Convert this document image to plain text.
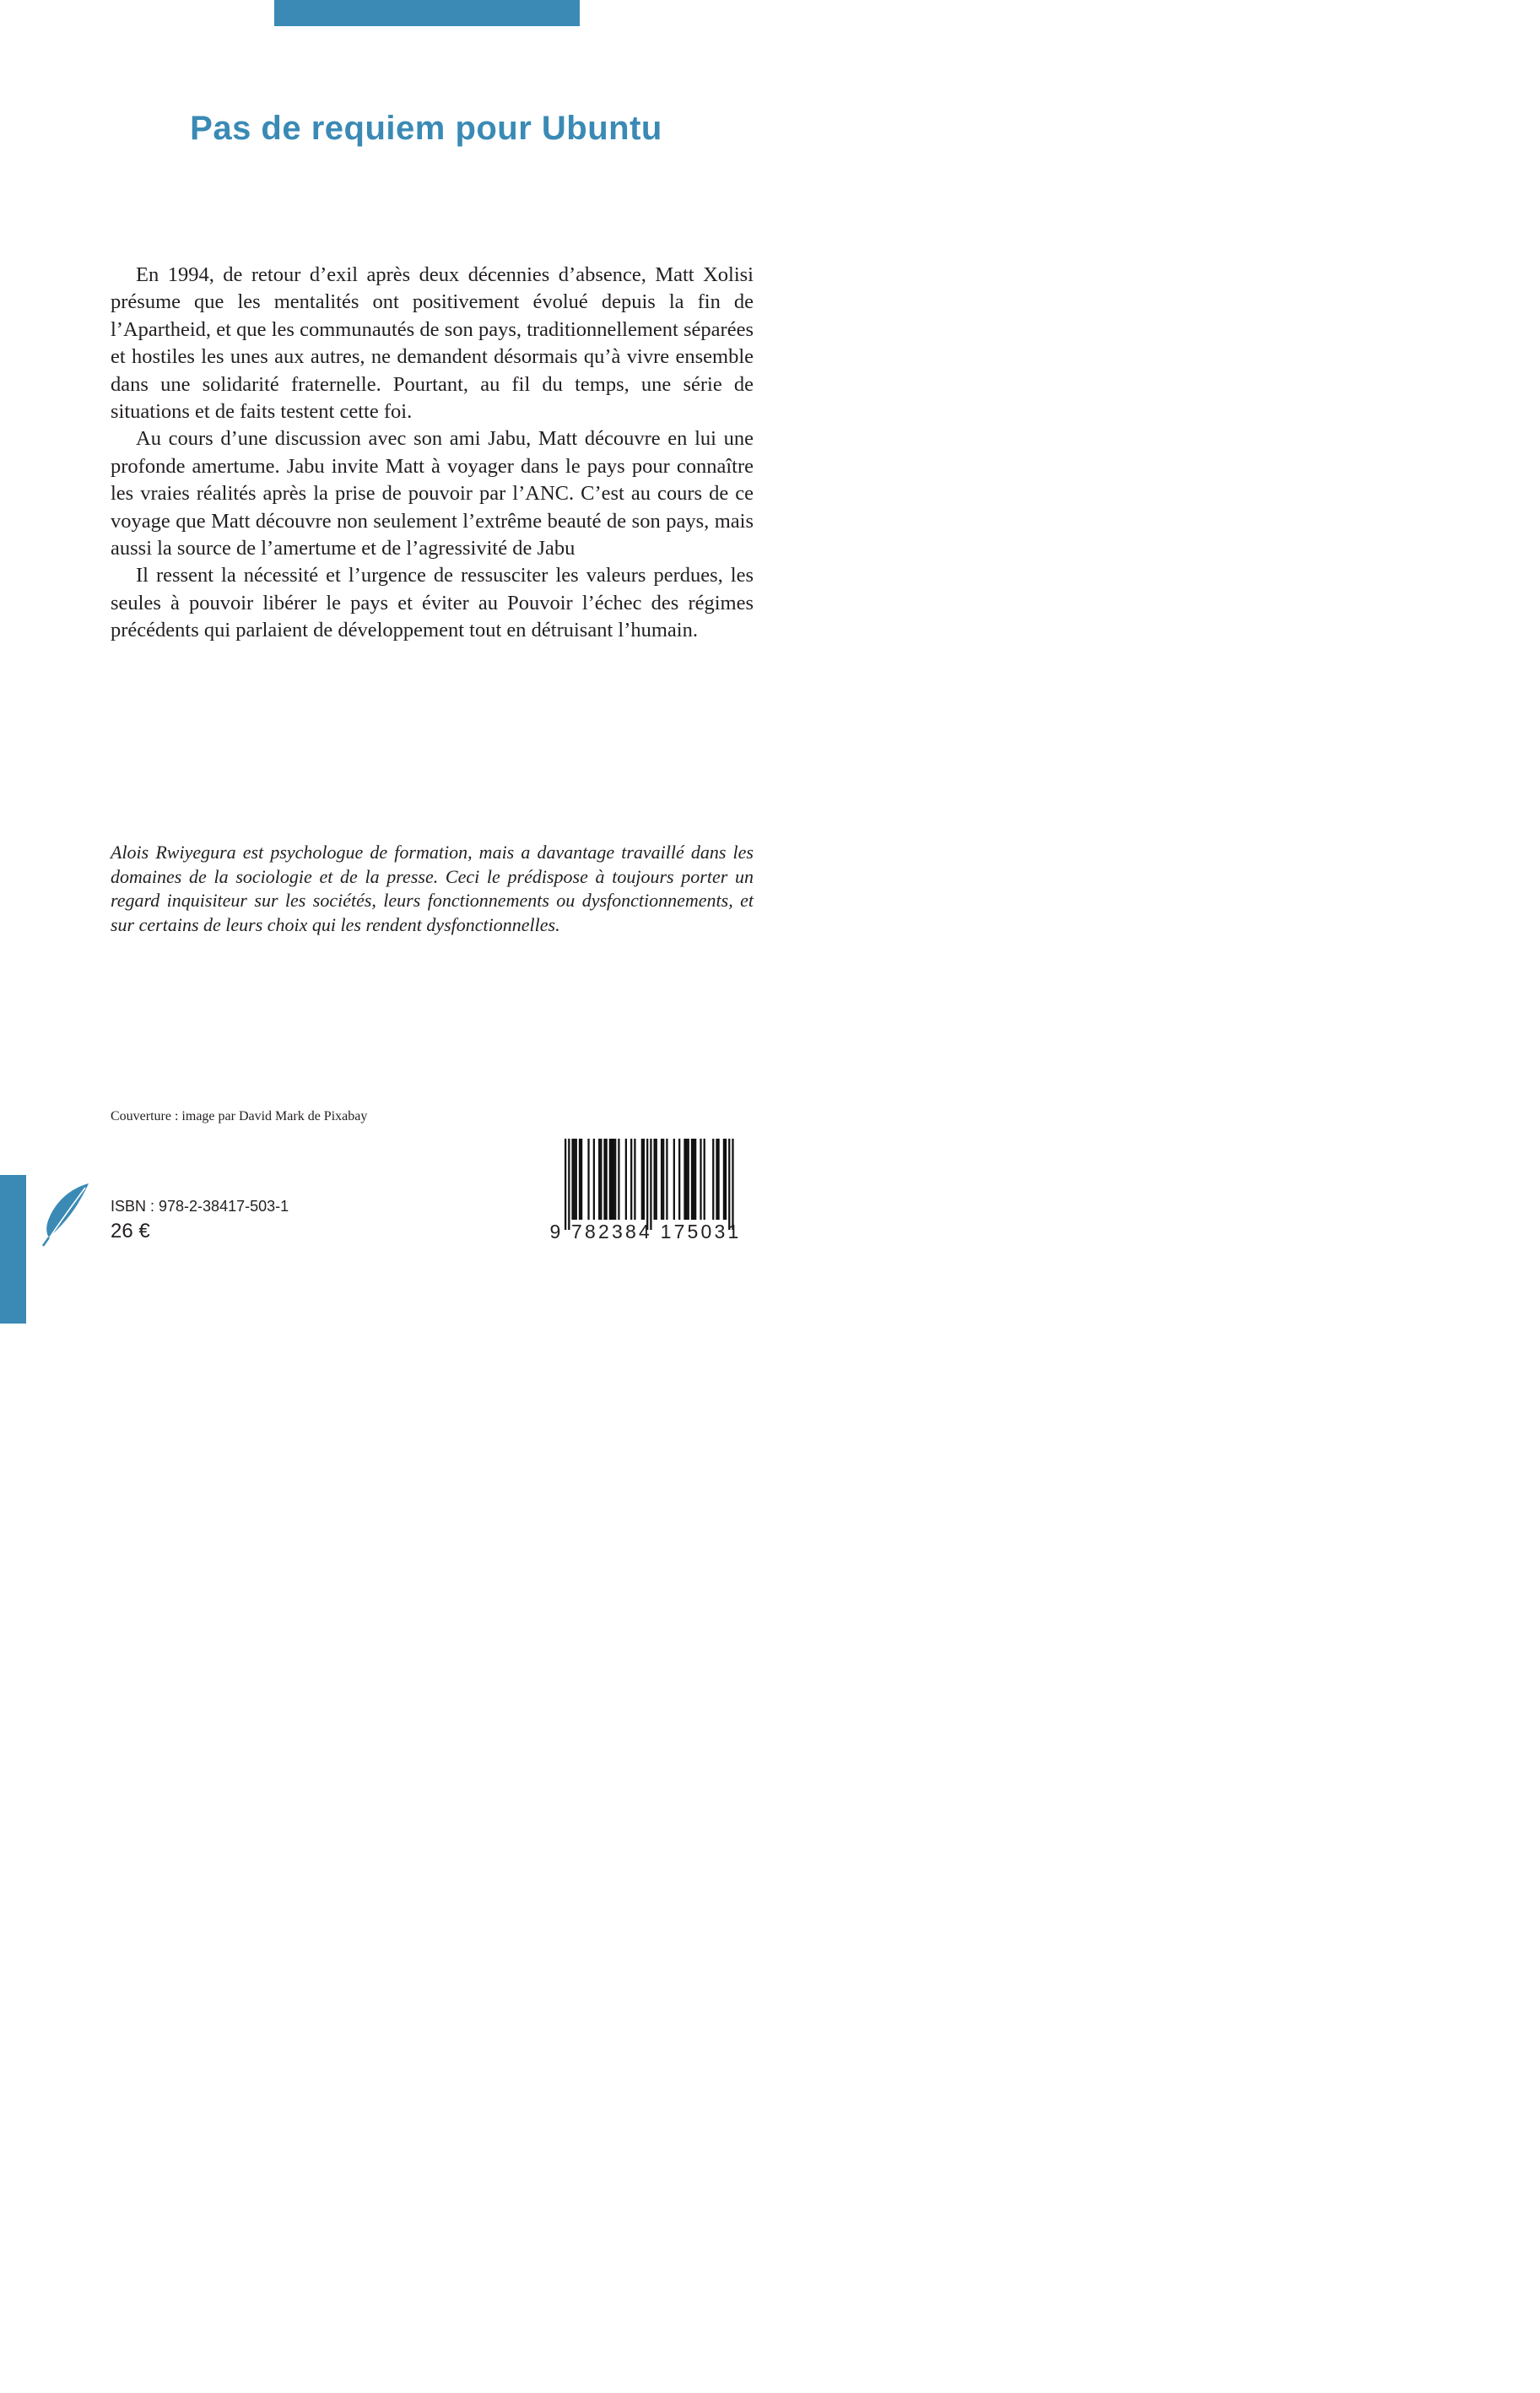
Pas de requiem pour Ubuntu

En 1994, de retour d’exil après deux décennies d’absence, Matt Xolisi présume que les mentalités ont positivement évolué depuis la fin de l’Apartheid, et que les communautés de son pays, traditionnellement séparées et hostiles les unes aux autres, ne demandent désormais qu’à vivre ensemble dans une solidarité fraternelle. Pourtant, au fil du temps, une série de situations et de faits testent cette foi.

Au cours d’une discussion avec son ami Jabu, Matt découvre en lui une profonde amertume. Jabu invite Matt à voyager dans le pays pour connaître les vraies réalités après la prise de pouvoir par l’ANC. C’est au cours de ce voyage que Matt découvre non seulement l’extrême beauté de son pays, mais aussi la source de l’amertume et de l’agressivité de Jabu

Il ressent la nécessité et l’urgence de ressusciter les valeurs perdues, les seules à pouvoir libérer le pays et éviter au Pouvoir l’échec des régimes précédents qui parlaient de développement tout en détruisant l’humain.

Alois Rwiyegura est psychologue de formation, mais a davantage travaillé dans les domaines de la sociologie et de la presse. Ceci le prédispose à toujours porter un regard inquisiteur sur les sociétés, leurs fonctionnements ou dysfonctionnements, et sur certains de leurs choix qui les rendent dysfonctionnelles.

Couverture : image par David Mark de Pixabay

ISBN : 978-2-38417-503-1

26 €	9 782384 175031
